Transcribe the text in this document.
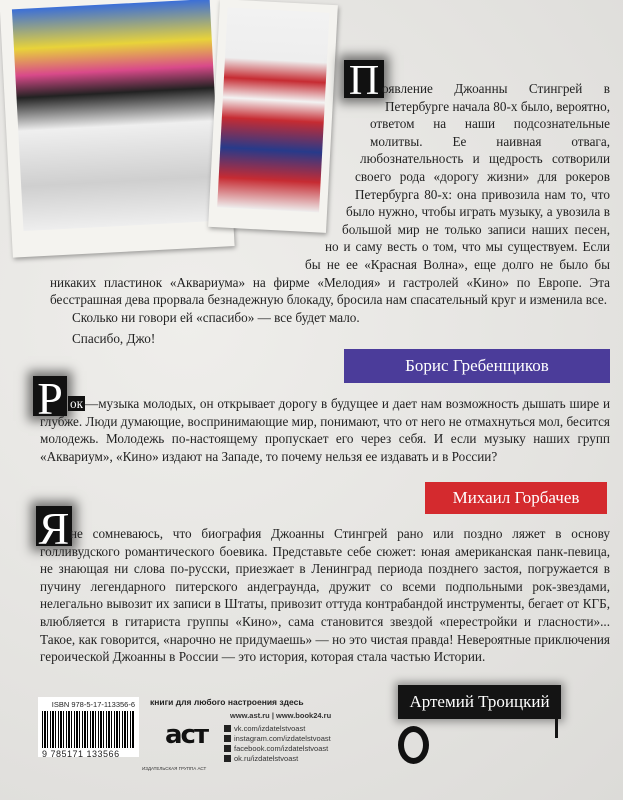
П оявление Джоанны Стингрей в Петербурге начала 80-х было, вероятно, ответом на наши подсознательные молитвы. Ее наивная отвага, любознательность и щедрость сотворили своего рода «дорогу жизни» для рокеров Петербурга 80-х: она привозила нам то, что было нужно, чтобы играть музыку, а увозила в большой мир не только записи наших песен, но и саму весть о том, что мы существуем. Если бы не ее «Красная Волна», еще долго не было бы никаких пластинок «Аквариума» на фирме «Мелодия» и гастролей «Кино» по Европе. Эта бесстрашная дева прорвала безнадежную блокаду, бросила нам спасательный круг и изменила все.

Сколько ни говори ей «спасибо» — все будет мало.

Спасибо, Джо!

Борис Гребенщиков
Р ок —музыка молодых, он открывает дорогу в будущее и дает нам возможность дышать шире и глубже. Люди думающие, воспринимающие мир, понимают, что от него не отмахнуться мол, бесится молодежь. Молодежь по-настоящему пропускает его через себя. И если музыку наших групп «Аквариум», «Кино» издают на Западе, то почему нельзя ее издавать и в России?

Михаил Горбачев
Я не сомневаюсь, что биография Джоанны Стингрей рано или поздно ляжет в основу голливудского романтического боевика. Представьте себе сюжет: юная американская панк-певица, не знающая ни слова по-русски, приезжает в Ленинград периода позднего застоя, погружается в пучину легендарного питерского андеграунда, дружит со всеми подпольными рок-звездами, нелегально вывозит их записи в Штаты, привозит оттуда контрабандой инструменты, бегает от КГБ, влюбляется в гитариста группы «Кино», сама становится звездой «перестройки и гласности»... Такое, как говорится, «нарочно не придумаешь» — но это чистая правда! Невероятные приключения героической Джоанны в России — это история, которая стала частью Истории.

Артемий Троицкий
ISBN 978-5-17-113356-6
9 785171 133566
книги для любого настроения здесь
www.ast.ru | www.book24.ru
аст
ИЗДАТЕЛЬСКАЯ ГРУППА АСТ
vk.com/izdatelstvoast
instagram.com/izdatelstvoast
facebook.com/izdatelstvoast
ok.ru/izdatelstvoast
